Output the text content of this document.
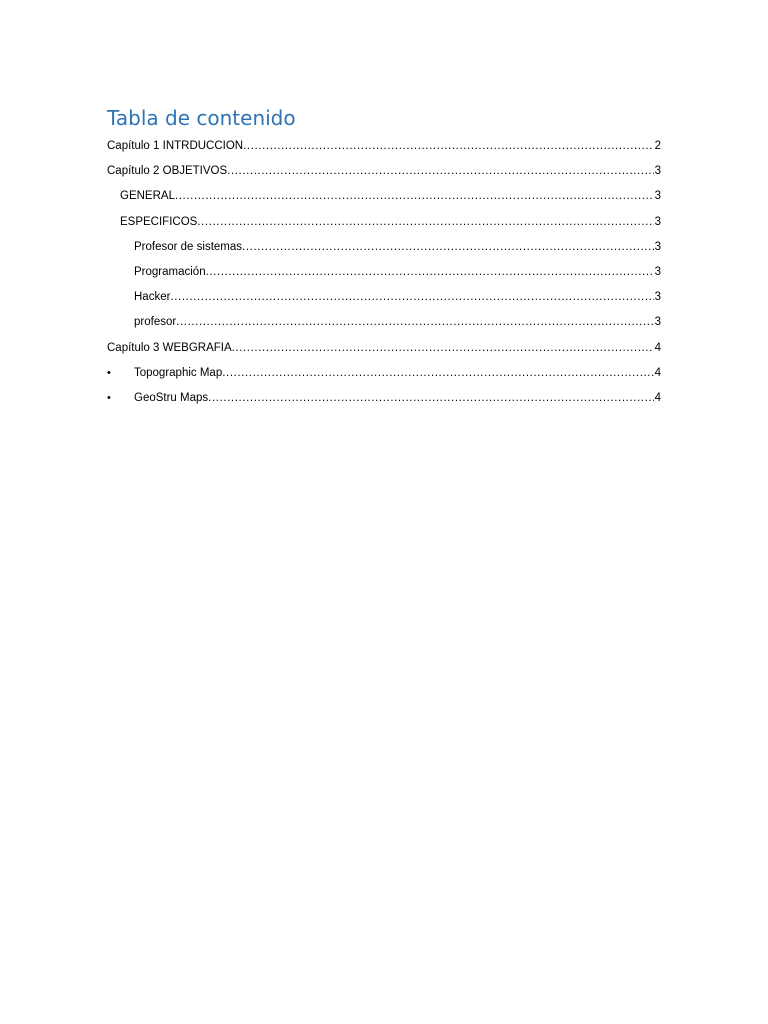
Tabla de contenido
Capítulo 1 INTRDUCCION .....	2
Capítulo 2 OBJETIVOS .....	3
GENERAL .....	3
ESPECIFICOS .....	3
Profesor de sistemas .....	3
Programación .....	3
Hacker .....	3
profesor .....	3
Capítulo 3 WEBGRAFIA .....	4
•	Topographic Map .....	4
•	GeoStru Maps .....	4
